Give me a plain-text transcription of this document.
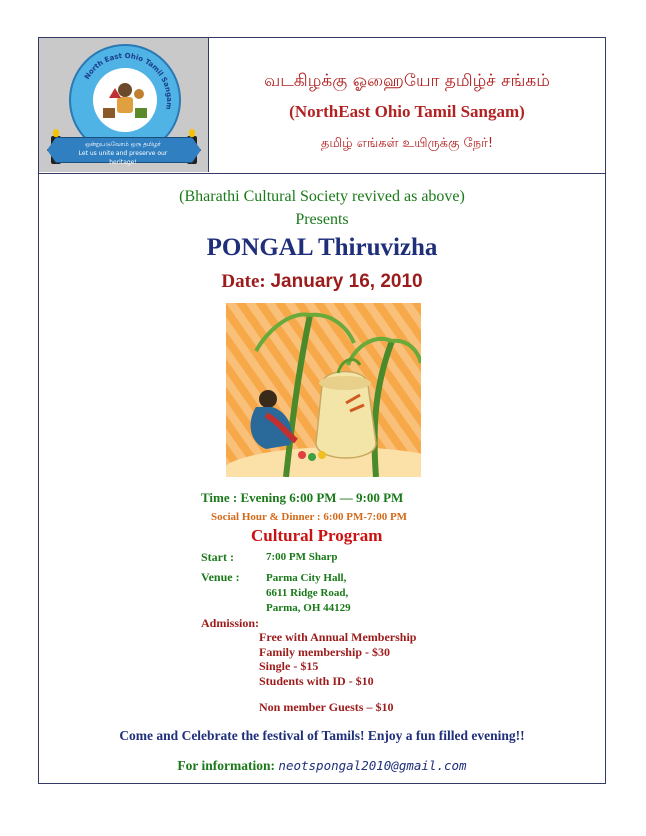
North East Ohio Tamil Sangam
ஒன்றுபடுவோம் ஒரு தமிழர்
Let us unite and preserve our heritage!
வடகிழக்கு ஓஹையோ தமிழ்ச் சங்கம்
(NorthEast Ohio Tamil Sangam)
தமிழ் எங்கள் உயிருக்கு நேர்!
(Bharathi Cultural Society revived as above)
Presents
PONGAL Thiruvizha
Date: January 16, 2010
Time : Evening 6:00 PM — 9:00 PM
Social Hour & Dinner : 6:00 PM-7:00 PM
Cultural Program
Start :	7:00 PM Sharp
Venue : Parma City Hall,
6611 Ridge Road,
Parma, OH 44129
Admission:
Free with Annual Membership
Family membership - $30
Single - $15
Students with ID - $10
Non member Guests – $10
Come and Celebrate the festival of Tamils! Enjoy a fun filled evening!!
For information: neotspongal2010@gmail.com
